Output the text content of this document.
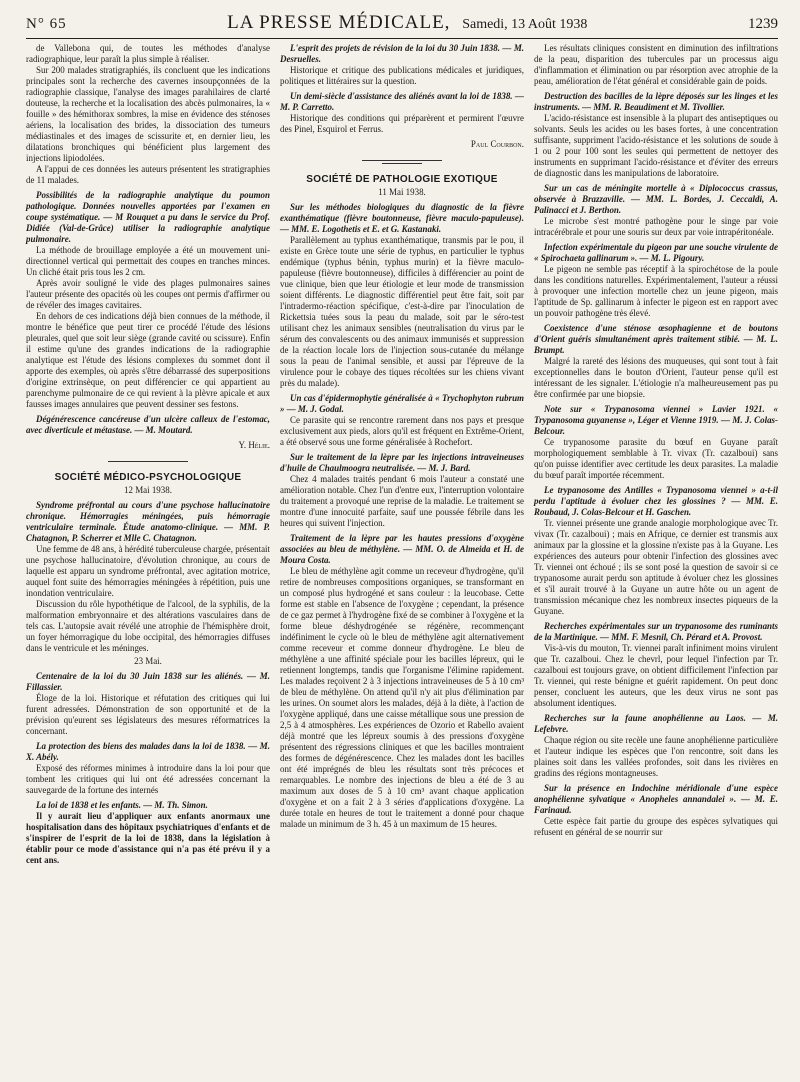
N° 65	LA PRESSE MÉDICALE, Samedi, 13 Août 1938	1239

de Vallebona qui, de toutes les méthodes d'analyse radiographique, leur paraît la plus simple à réaliser.

Sur 200 malades stratigraphiés, ils concluent que les indications principales sont la recherche des cavernes insoupçonnées de la radiographie classique, l'analyse des images parahilaires de clarté douteuse, la recherche et la localisation des abcès pulmonaires, la « fouille » des hémithorax sombres, la mise en évidence des sténoses aériens, la localisation des brides, la dissociation des tumeurs médiastinales et des images de scissurite et, en dernier lieu, les dilatations bronchiques qui bénéficient plus largement des injections lipiodolées.

A l'appui de ces données les auteurs présentent les stratigraphies de 11 malades.

Possibilités de la radiographie analytique du poumon pathologique. Données nouvelles apportées par l'examen en coupe systématique. — M Rouquet a pu dans le service du Prof. Didiée (Val-de-Grâce) utiliser la radiographie analytique pulmonaire.

La méthode de brouillage employée a été un mouvement uni-directionnel vertical qui permettait des coupes en tranches minces. Un cliché était pris tous les 2 cm.

Après avoir souligné le vide des plages pulmonaires saines l'auteur présente des opacités où les coupes ont permis d'affirmer ou de révéler des images cavitaires.

En dehors de ces indications déjà bien connues de la méthode, il montre le bénéfice que peut tirer ce procédé l'étude des lésions pleurales, quel que soit leur siège (grande cavité ou scissure). Enfin il estime qu'une des grandes indications de la radiographie analytique est l'étude des lésions complexes du sommet dont il apporte des exemples, où après s'être débarrassé des superpositions d'origine extrinsèque, on peut différencier ce qui appartient au parenchyme pulmonaire de ce qui revient à la plèvre apicale et aux fausses images annulaires que peuvent dessiner ses festons.

Dégénérescence cancéreuse d'un ulcère calleux de l'estomac, avec diverticule et métastase. — M. Moutard.

Y. Hélie.

SOCIÉTÉ MÉDICO-PSYCHOLOGIQUE

12 Mai 1938.

Syndrome préfrontal au cours d'une psychose hallucinatoire chronique. Hémorragies méningées, puis hémorragie ventriculaire terminale. Étude anatomo-clinique. — MM. P. Chatagnon, P. Scherrer et Mlle C. Chatagnon.

Une femme de 48 ans, à hérédité tuberculeuse chargée, présentait une psychose hallucinatoire, d'évolution chronique, au cours de laquelle est apparu un syndrome préfrontal, avec agitation motrice, auquel font suite des hémorragies méningées à répétition, puis une inondation ventriculaire.

Discussion du rôle hypothétique de l'alcool, de la syphilis, de la malformation embryonnaire et des altérations vasculaires dans de tels cas. L'autopsie avait révélé une atrophie de l'hémisphère droit, un foyer hémorragique du lobe occipital, des hémorragies diffuses dans le ventricule et les méninges.

23 Mai.

Centenaire de la loi du 30 Juin 1838 sur les aliénés. — M. Fillassier.

Éloge de la loi. Historique et réfutation des critiques qui lui furent adressées. Démonstration de son opportunité et de la prévision qu'eurent ses législateurs des mesures réformatrices la concernant.

La protection des biens des malades dans la loi de 1838. — M. X. Abély.

Exposé des réformes minimes à introduire dans la loi pour que tombent les critiques qui lui ont été adressées concernant la sauvegarde de la fortune des internés

La loi de 1838 et les enfants. — M. Th. Simon.

Il y aurait lieu d'appliquer aux enfants anormaux une hospitalisation dans des hôpitaux psychiatriques d'enfants et de s'inspirer de l'esprit de la loi de 1838, dans la législation à établir pour ce mode d'assistance qui n'a pas été prévu il y a cent ans.

L'esprit des projets de révision de la loi du 30 Juin 1838. — M. Desruelles.

Historique et critique des publications médicales et juridiques, politiques et littéraires sur la question.

Un demi-siècle d'assistance des aliénés avant la loi de 1838. — M. P. Carretto.

Historique des conditions qui préparèrent et permirent l'œuvre des Pinel, Esquirol et Ferrus.

Paul Courbon.

SOCIÉTÉ DE PATHOLOGIE EXOTIQUE

11 Mai 1938.

Sur les méthodes biologiques du diagnostic de la fièvre exanthématique (fièvre boutonneuse, fièvre maculo-papuleuse). — MM. E. Logothetis et E. et G. Kastanaki.

Parallèlement au typhus exanthématique, transmis par le pou, il existe en Grèce toute une série de typhus, en particulier le typhus endémique (typhus bénin, typhus murin) et la fièvre maculo-papuleuse (fièvre boutonneuse), difficiles à différencier au point de vue clinique, bien que leur étiologie et leur mode de transmission soient différents. Le diagnostic différentiel peut être fait, soit par l'intradermo-réaction spécifique, c'est-à-dire par l'inoculation de Rickettsia tuées sous la peau du malade, soit par le séro-test utilisant chez les animaux sensibles (neutralisation du virus par le sérum des convalescents ou des animaux immunisés et suppression de la réaction locale lors de l'injection sous-cutanée du mélange sous la peau de l'animal sensible, et aussi par l'épreuve de la virulence pour le cobaye des tiques récoltées sur les chiens vivant près du malade).

Un cas d'épidermophytie généralisée à « Trychophyton rubrum » — M. J. Godal.

Ce parasite qui se rencontre rarement dans nos pays et presque exclusivement aux pieds, alors qu'il est fréquent en Extrême-Orient, a été observé sous une forme généralisée à Rochefort.

Sur le traitement de la lèpre par les injections intraveineuses d'huile de Chaulmoogra neutralisée. — M. J. Bard.

Chez 4 malades traités pendant 6 mois l'auteur a constaté une amélioration notable. Chez l'un d'entre eux, l'interruption volontaire du traitement a provoqué une reprise de la maladie. Le traitement se montre d'une innocuité parfaite, sauf une poussée fébrile dans les heures qui suivent l'injection.

Traitement de la lèpre par les hautes pressions d'oxygène associées au bleu de méthylène. — MM. O. de Almeida et H. de Moura Costa.

Le bleu de méthylène agit comme un receveur d'hydrogène, qu'il retire de nombreuses compositions organiques, se transformant en un composé plus hydrogéné et sans couleur : la leucobase. Cette forme est stable en l'absence de l'oxygène ; cependant, la présence de ce gaz permet à l'hydrogène fixé de se combiner à l'oxygène et la forme bleue déshydrogénée se régénère, recommençant indéfiniment le cycle où le bleu de méthylène agit alternativement comme receveur et comme donneur d'hydrogène. Le bleu de méthylène a une affinité spéciale pour les bacilles lépreux, qui le retiennent longtemps, tandis que l'organisme l'élimine rapidement. Les malades reçoivent 2 à 3 injections intraveineuses de 5 à 10 cm³ de bleu de méthylène. On attend qu'il n'y ait plus d'élimination par les urines. On soumet alors les malades, déjà à la diète, à l'action de l'oxygène appliqué, dans une caisse métallique sous une pression de 2,5 à 4 atmosphères. Les expériences de Ozorio et Rabello avaient déjà montré que les lépreux soumis à des pressions d'oxygène présentent des régressions cliniques et que les bacilles montraient des formes de dégénérescence. Chez les malades dont les bacilles ont été imprégnés de bleu les résultats sont très précoces et remarquables. Le nombre des injections de bleu a été de 3 au maximum aux doses de 5 à 10 cm³ avant chaque application d'oxygène et on a fait 2 à 3 séries d'applications d'oxygène. La durée totale en heures de tout le traitement a donné pour chaque malade un minimum de 3 h. 45 à un maximum de 15 heures.

Les résultats cliniques consistent en diminution des infiltrations de la peau, disparition des tubercules par un processus aigu d'inflammation et élimination ou par résorption avec atrophie de la peau, amélioration de l'état général et considérable gain de poids.

Destruction des bacilles de la lèpre déposés sur les linges et les instruments. — MM. R. Beaudiment et M. Tivollier.

L'acido-résistance est insensible à la plupart des antiseptiques ou solvants. Seuls les acides ou les bases fortes, à une concentration suffisante, suppriment l'acido-résistance et les solutions de soude à 1 ou 2 pour 100 sont les seules qui permettent de nettoyer des instruments en supprimant l'acido-résistance et d'éviter des erreurs de diagnostic dans les manipulations de laboratoire.

Sur un cas de méningite mortelle à « Diplococcus crassus, observée à Brazzaville. — MM. L. Bordes, J. Ceccaldi, A. Palinacci et J. Berthon.

Le microbe s'est montré pathogène pour le singe par voie intracérébrale et pour une souris sur deux par voie intrapéritonéale.

Infection expérimentale du pigeon par une souche virulente de « Spirochaeta gallinarum ». — M. L. Pigoury.

Le pigeon ne semble pas réceptif à la spirochétose de la poule dans les conditions naturelles. Expérimentalement, l'auteur a réussi à provoquer une infection mortelle chez un jeune pigeon, mais l'aptitude de Sp. gallinarum à infecter le pigeon est en rapport avec un pouvoir pathogène très élevé.

Coexistence d'une sténose œsophagienne et de boutons d'Orient guéris simultanément après traitement stibié. — M. L. Brumpt.

Malgré la rareté des lésions des muqueuses, qui sont tout à fait exceptionnelles dans le bouton d'Orient, l'auteur pense qu'il est intéressant de les signaler. L'étiologie n'a malheureusement pas pu être confirmée par une biopsie.

Note sur « Trypanosoma viennei » Lavier 1921. « Trypanosoma guyanense », Léger et Vienne 1919. — M. J. Colas-Belcour.

Ce trypanosome parasite du bœuf en Guyane paraît morphologiquement semblable à Tr. vivax (Tr. cazalboui) sans qu'on puisse identifier avec certitude les deux parasites. La maladie du bœuf paraît importée récemment.

Le trypanosome des Antilles « Trypanosoma viennei » a-t-il perdu l'aptitude à évoluer chez les glossines ? — MM. E. Roubaud, J. Colas-Belcour et H. Gaschen.

Tr. viennei présente une grande analogie morphologique avec Tr. vivax (Tr. cazalboui) ; mais en Afrique, ce dernier est transmis aux animaux par la glossine et la glossine n'existe pas à la Guyane. Les expériences des auteurs pour obtenir l'infection des glossines avec Tr. viennei ont échoué ; ils se sont posé la question de savoir si ce trypanosome aurait perdu son aptitude à évoluer chez les glossines et s'il aurait trouvé à la Guyane un autre hôte ou un agent de transmission mécanique chez les nombreux insectes piqueurs de la Guyane.

Recherches expérimentales sur un trypanosome des ruminants de la Martinique. — MM. F. Mesnil, Ch. Pérard et A. Provost.

Vis-à-vis du mouton, Tr. viennei paraît infiniment moins virulent que Tr. cazalboui. Chez le chevrl, pour lequel l'infection par Tr. cazalboui est toujours grave, on obtient difficilement l'infection par Tr. viennei, qui reste bénigne et guérit rapidement. On peut donc penser, concluent les auteurs, que les deux virus ne sont pas absolument identiques.

Recherches sur la faune anophélienne au Laos. — M. Lefebvre.

Chaque région ou site recèle une faune anophélienne particulière et l'auteur indique les espèces que l'on rencontre, soit dans les plaines soit dans les vallées profondes, soit dans les rivières en gradins des régions montagneuses.

Sur la présence en Indochine méridionale d'une espèce anophélienne sylvatique « Anopheles annandalei ». — M. E. Farinaud.

Cette espèce fait partie du groupe des espèces sylvatiques qui refusent en général de se nourrir sur
